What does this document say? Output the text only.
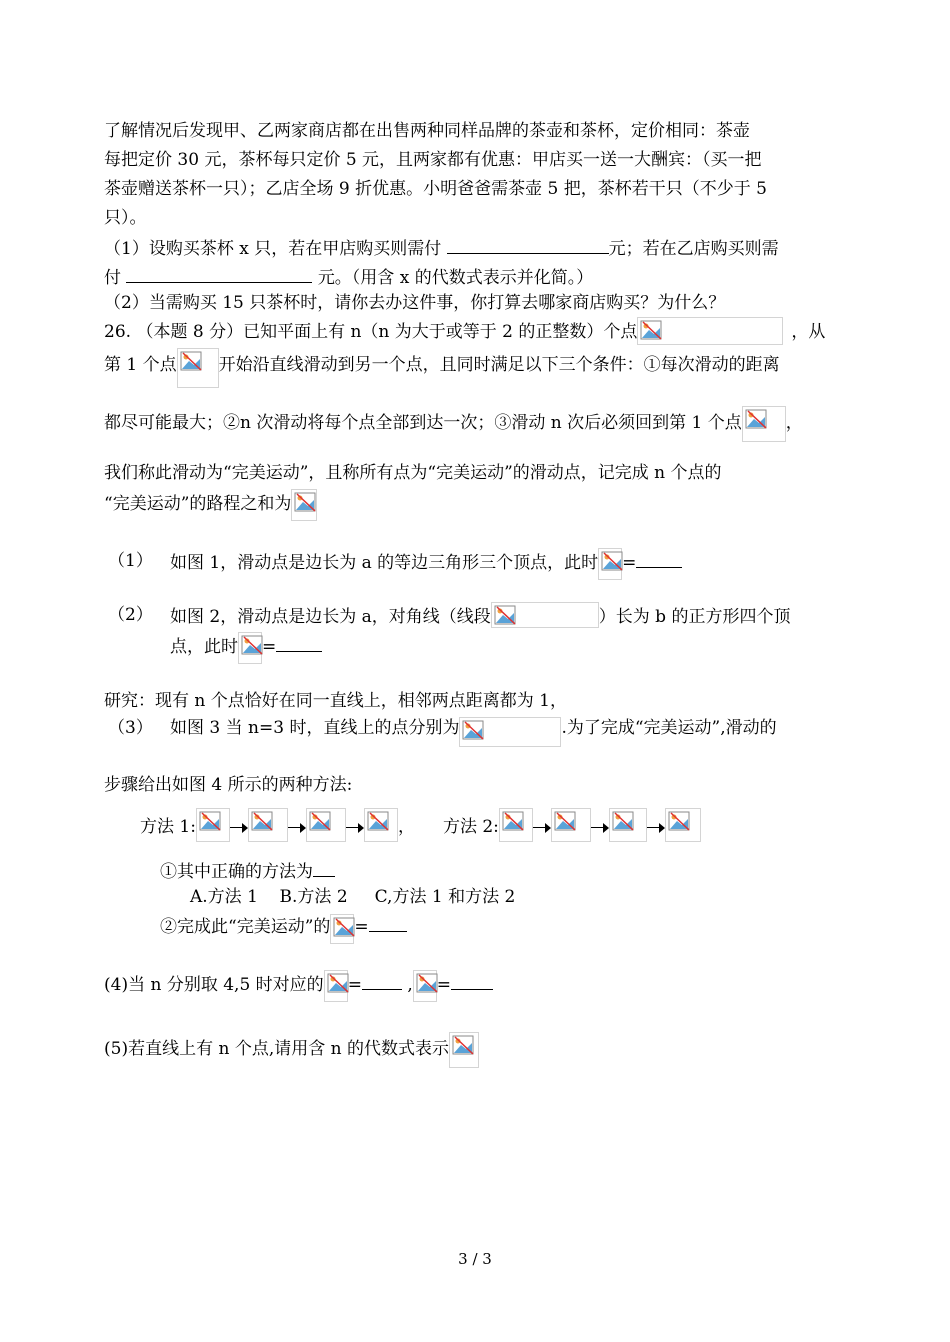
了解情况后发现甲、乙两家商店都在出售两种同样品牌的茶壶和茶杯，定价相同：茶壶
每把定价 30 元，茶杯每只定价 5 元，且两家都有优惠：甲店买一送一大酬宾：（买一把
茶壶赠送茶杯一只）；乙店全场 9 折优惠。小明爸爸需茶壶 5 把，茶杯若干只（不少于 5
只）。
（1）设购买茶杯 x 只，若在甲店购买则需付	元；若在乙店购买则需
付	元。（用含 x 的代数式表示并化简。）
（2）当需购买 15 只茶杯时，请你去办这件事，你打算去哪家商店购买？为什么？
26. （本题 8 分）已知平面上有 n（n 为大于或等于 2 的正整数）个点	，从
第 1 个点 开始沿直线滑动到另一个点，且同时满足以下三个条件：①每次滑动的距离
都尽可能最大；②n 次滑动将每个点全部到达一次；③滑动 n 次后必须回到第 1 个点	，
我们称此滑动为“完美运动”，且称所有点为“完美运动”的滑动点，记完成 n 个点的
“完美运动”的路程之和为
（1） 如图 1，滑动点是边长为 a 的等边三角形三个顶点，此时 =
（2） 如图 2，滑动点是边长为 a，对角线（线段	）长为 b 的正方形四个顶
点，此时 =
研究：现有 n 个点恰好在同一直线上，相邻两点距离都为 1，
（3） 如图 3 当 n=3 时，直线上的点分别为	.为了完成“完美运动”,滑动的
步骤给出如图 4 所示的两种方法:
方法 1:	， 方法 2:
①其中正确的方法为
A.方法 1    B.方法 2     C,方法 1 和方法 2
②完成此“完美运动”的 =
(4)当 n 分别取 4,5 时对应的 =	, =
(5)若直线上有 n 个点,请用含 n 的代数式表示
3 / 3
